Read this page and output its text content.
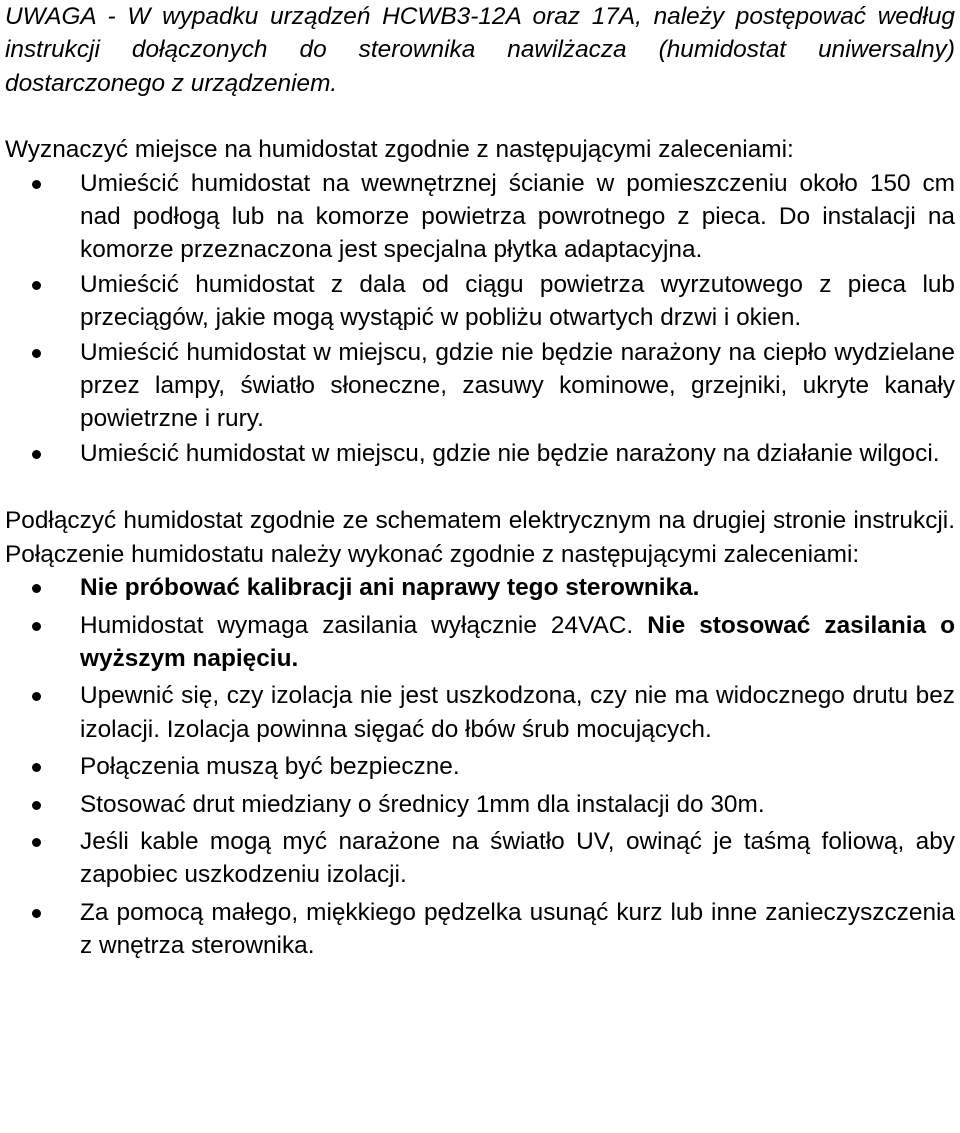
UWAGA - W wypadku urządzeń HCWB3-12A oraz 17A, należy postępować według instrukcji dołączonych do sterownika nawilżacza (humidostat uniwersalny) dostarczonego z urządzeniem.

Wyznaczyć miejsce na humidostat zgodnie z następującymi zaleceniami:

Umieścić humidostat na wewnętrznej ścianie w pomieszczeniu około 150 cm nad podłogą lub na komorze powietrza powrotnego z pieca. Do instalacji na komorze przeznaczona jest specjalna płytka adaptacyjna.
Umieścić humidostat z dala od ciągu powietrza wyrzutowego z pieca lub przeciągów, jakie mogą wystąpić w pobliżu otwartych drzwi i okien.
Umieścić humidostat w miejscu, gdzie nie będzie narażony na ciepło wydzielane przez lampy, światło słoneczne, zasuwy kominowe, grzejniki, ukryte kanały powietrzne i rury.
Umieścić humidostat w miejscu, gdzie nie będzie narażony na działanie wilgoci.

Podłączyć humidostat zgodnie ze schematem elektrycznym na drugiej stronie instrukcji. Połączenie humidostatu należy wykonać zgodnie z następującymi zaleceniami:

Nie próbować kalibracji ani naprawy tego sterownika.
Humidostat wymaga zasilania wyłącznie 24VAC. Nie stosować zasilania o wyższym napięciu.
Upewnić się, czy izolacja nie jest uszkodzona, czy nie ma widocznego drutu bez izolacji. Izolacja powinna sięgać do łbów śrub mocujących.
Połączenia muszą być bezpieczne.
Stosować drut miedziany o średnicy 1mm dla instalacji do 30m.
Jeśli kable mogą myć narażone na światło UV, owinąć je taśmą foliową, aby zapobiec uszkodzeniu izolacji.
Za pomocą małego, miękkiego pędzelka usunąć kurz lub inne zanieczyszczenia z wnętrza sterownika.
